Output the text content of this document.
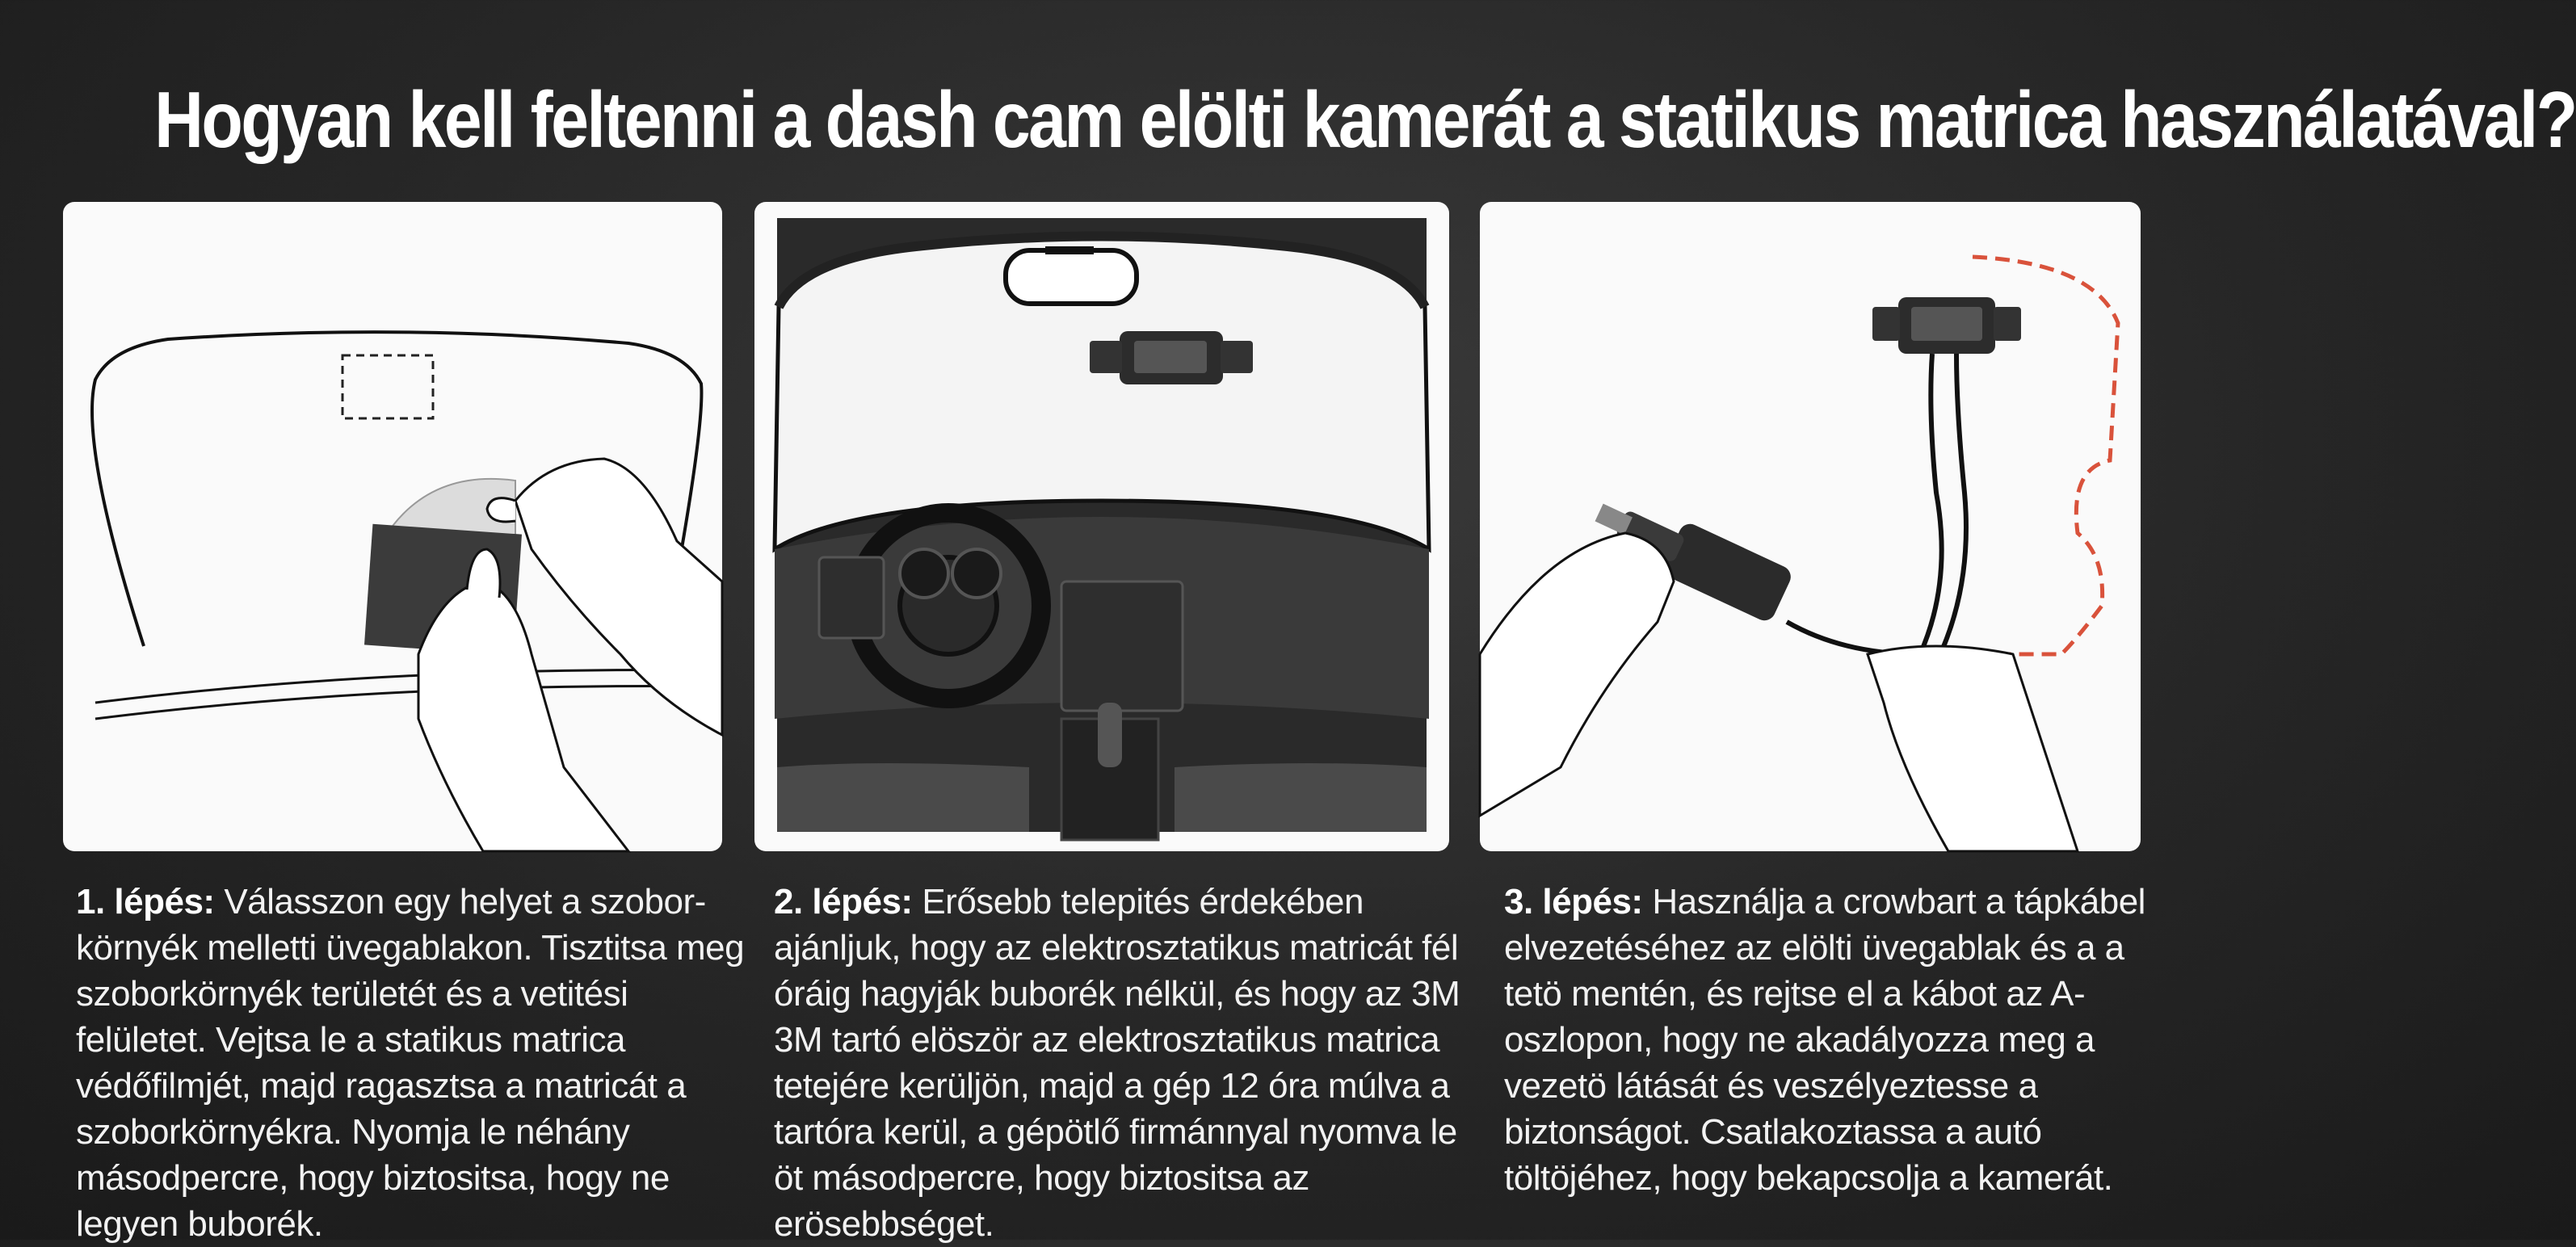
Hogyan kell feltenni a dash cam elölti kamerát a statikus matrica használatával?
1. lépés: Válasszon egy helyet a szobor-környék melletti üvegablakon. Tisztitsa meg szoborkörnyék területét és a vetitési felületet. Vejtsa le a statikus matrica védőfilmjét, majd ragasztsa a matricát a szoborkörnyékra. Nyomja le néhány másodpercre, hogy biztositsa, hogy ne legyen buborék.
2. lépés: Erősebb telepités érdekében ajánljuk, hogy az elektrosztatikus matricát fél óráig hagyják buborék nélkül, és hogy az 3M 3M tartó elöször az elektrosztatikus matrica tetejére kerüljön, majd a gép 12 óra múlva a tartóra kerül, a gépötlő firmánnyal nyomva le öt másodpercre, hogy biztositsa az erösebbséget.
3. lépés: Használja a crowbart a tápkábel elvezetéséhez az elölti üvegablak és a a tetö mentén, és rejtse el a kábot az A-oszlopon, hogy ne akadályozza meg a vezetö látását és veszélyeztesse a biztonságot. Csatlakoztassa a autó töltöjéhez, hogy bekapcsolja a kamerát.
